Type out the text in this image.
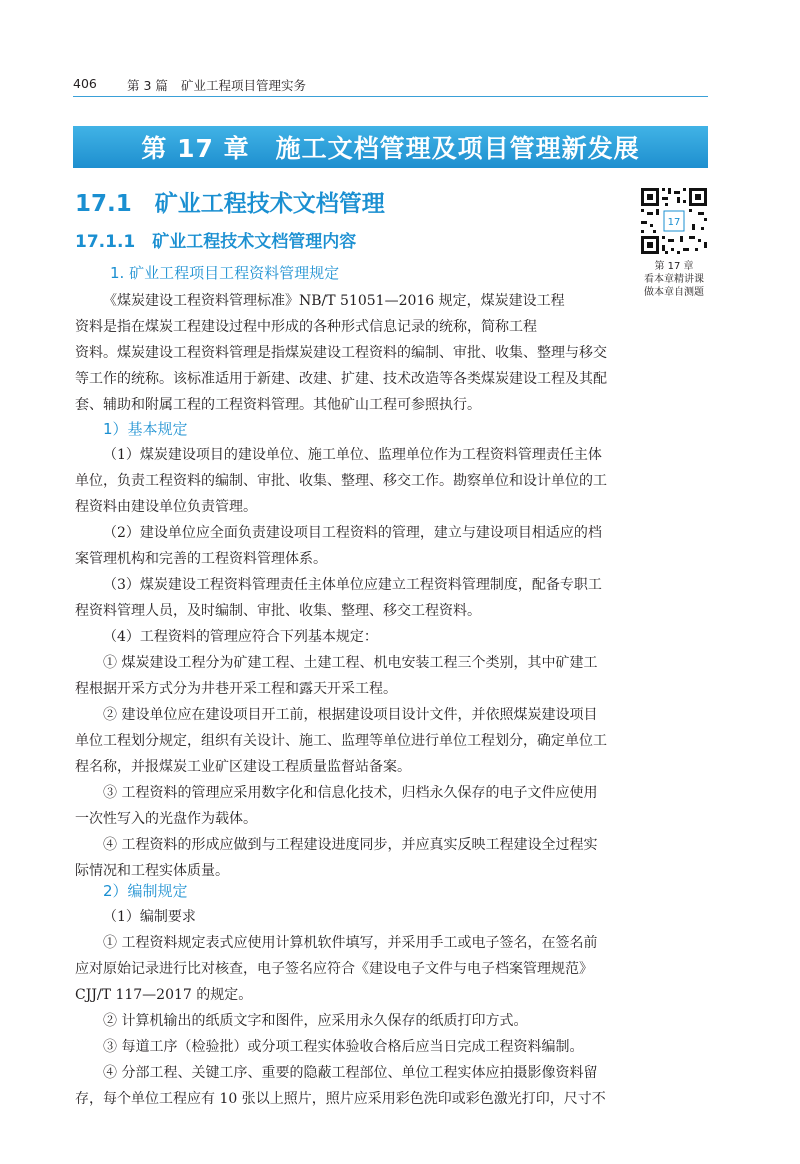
406 第 3 篇 矿业工程项目管理实务
第 17 章　施工文档管理及项目管理新发展
17.1　矿业工程技术文档管理
17.1.1　矿业工程技术文档管理内容
1. 矿业工程项目工程资料管理规定
17
第 17 章
看本章精讲课
做本章自测题
《煤炭建设工程资料管理标准》NB/T 51051—2016 规定，煤炭建设工程
资料是指在煤炭工程建设过程中形成的各种形式信息记录的统称，简称工程
资料。煤炭建设工程资料管理是指煤炭建设工程资料的编制、审批、收集、整理与移交
等工作的统称。该标准适用于新建、改建、扩建、技术改造等各类煤炭建设工程及其配
套、辅助和附属工程的工程资料管理。其他矿山工程可参照执行。
1）基本规定
（1）煤炭建设项目的建设单位、施工单位、监理单位作为工程资料管理责任主体
单位，负责工程资料的编制、审批、收集、整理、移交工作。勘察单位和设计单位的工
程资料由建设单位负责管理。
（2）建设单位应全面负责建设项目工程资料的管理，建立与建设项目相适应的档
案管理机构和完善的工程资料管理体系。
（3）煤炭建设工程资料管理责任主体单位应建立工程资料管理制度，配备专职工
程资料管理人员，及时编制、审批、收集、整理、移交工程资料。
（4）工程资料的管理应符合下列基本规定：
① 煤炭建设工程分为矿建工程、土建工程、机电安装工程三个类别，其中矿建工
程根据开采方式分为井巷开采工程和露天开采工程。
② 建设单位应在建设项目开工前，根据建设项目设计文件，并依照煤炭建设项目
单位工程划分规定，组织有关设计、施工、监理等单位进行单位工程划分，确定单位工
程名称，并报煤炭工业矿区建设工程质量监督站备案。
③ 工程资料的管理应采用数字化和信息化技术，归档永久保存的电子文件应使用
一次性写入的光盘作为载体。
④ 工程资料的形成应做到与工程建设进度同步，并应真实反映工程建设全过程实
际情况和工程实体质量。
2）编制规定
（1）编制要求
① 工程资料规定表式应使用计算机软件填写，并采用手工或电子签名，在签名前
应对原始记录进行比对核查，电子签名应符合《建设电子文件与电子档案管理规范》
CJJ/T 117—2017 的规定。
② 计算机输出的纸质文字和图件，应采用永久保存的纸质打印方式。
③ 每道工序（检验批）或分项工程实体验收合格后应当日完成工程资料编制。
④ 分部工程、关键工序、重要的隐蔽工程部位、单位工程实体应拍摄影像资料留
存，每个单位工程应有 10 张以上照片，照片应采用彩色洗印或彩色激光打印，尺寸不
